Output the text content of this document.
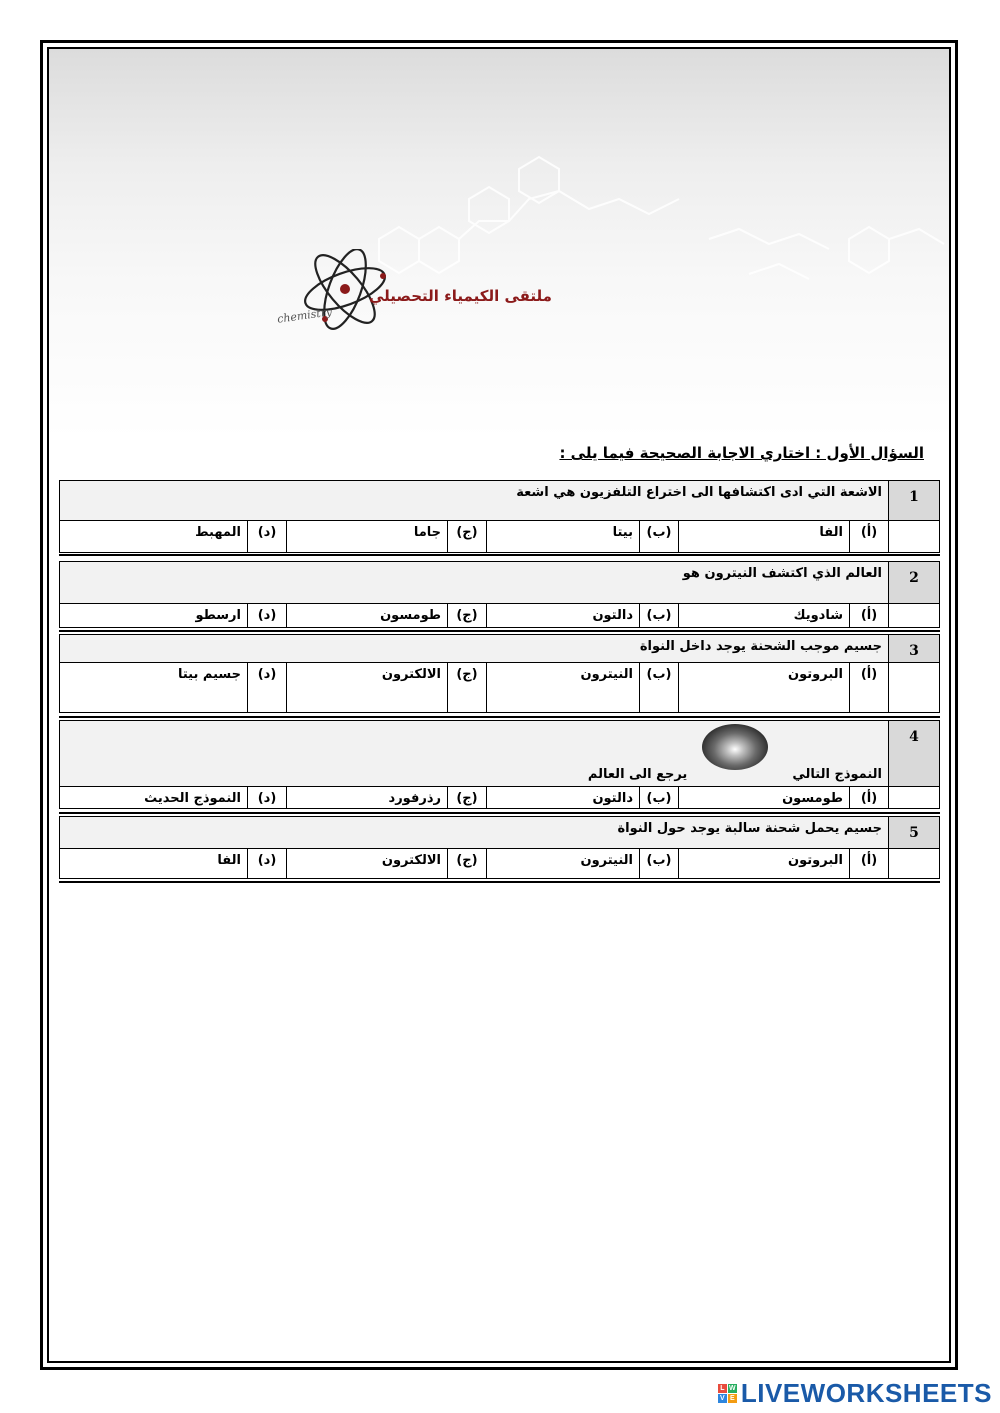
ملتقى الكيمياء التحصيلي
chemistry
السؤال الأول : اختاري الاجابة الصحيحة فيما يلى :
1	الاشعة التي ادى اكتشافها الى اختراع التلفزيون هي اشعة							
	(أ)	الفا	(ب)	بيتا	(ج)	جاما	(د)	المهبط
2	العالم الذي اكتشف النيترون هو							
	(أ)	شادويك	(ب)	دالتون	(ج)	طومسون	(د)	ارسطو
3	جسيم موجب الشحنة يوجد داخل النواة							
	(أ)	البروتون	(ب)	النيترون	(ج)	الالكترون	(د)	جسيم بيتا
4	النموذج التالي  يرجع الى العالم							
	(أ)	طومسون	(ب)	دالتون	(ج)	رذرفورد	(د)	النموذج الحديث
5	جسيم يحمل شحنة سالبة يوجد حول النواة							
	(أ)	البروتون	(ب)	النيترون	(ج)	الالكترون	(د)	الفا
L W
V E LIVEWORKSHEETS
